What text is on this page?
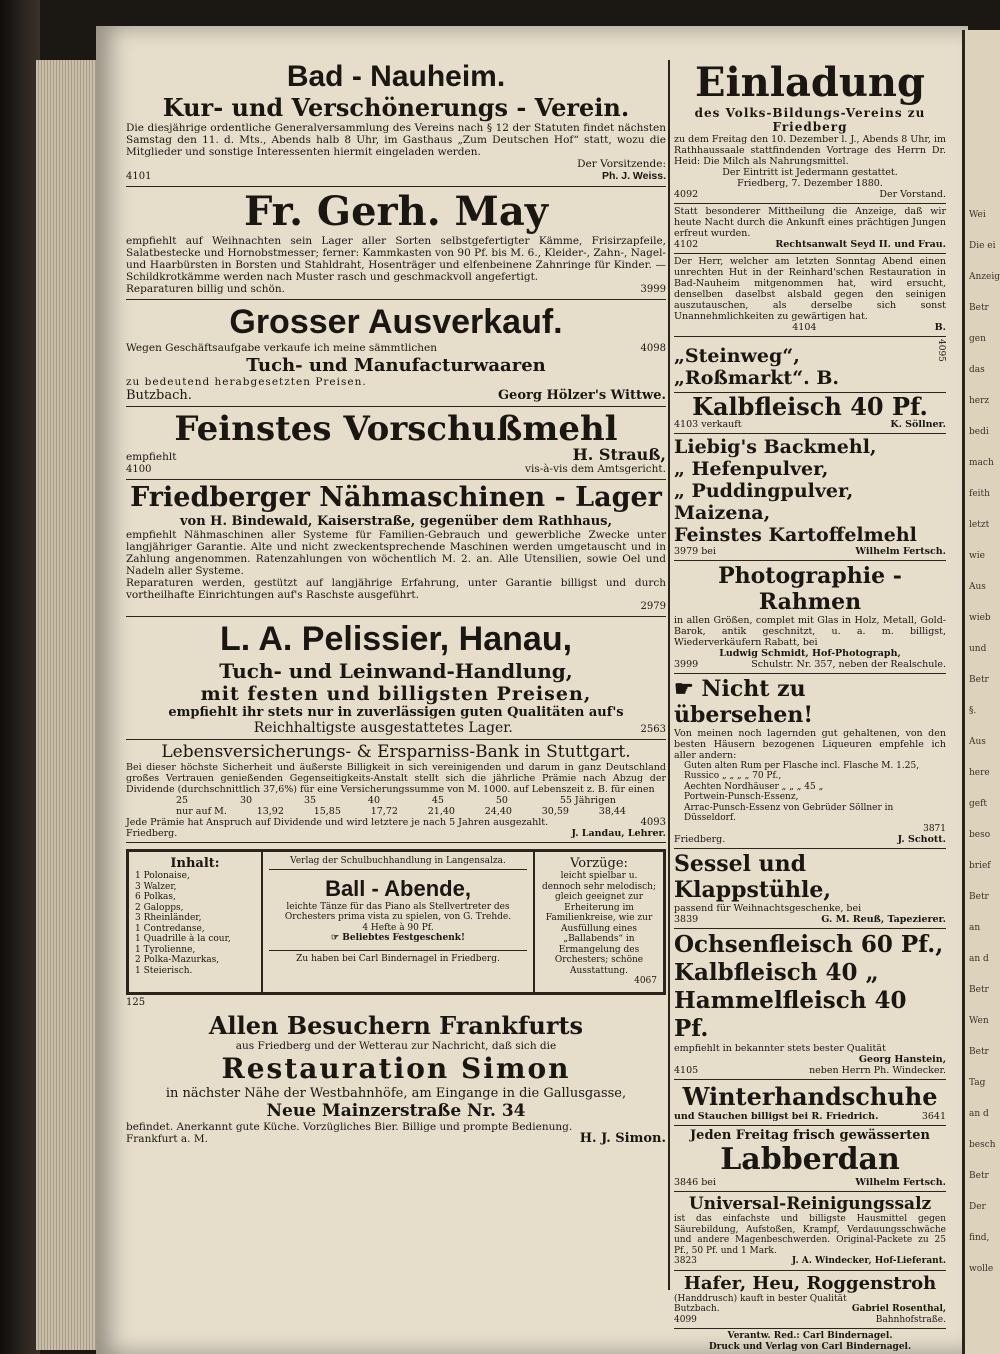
Wei
Die ei
Anzeig
Betr
gen
das
herz
bedi
mach
feith
letzt
wie
Aus
wieb
und
Betr
§.
Aus
here
geft
beso
brief
Betr
an
an d
Betr
Wen
Betr
Tag
an d
besch
Betr
Der
find,
wolle
Bad - Nauheim.
Kur- und Verschönerungs - Verein.
Die diesjährige ordentliche Generalversammlung des Vereins nach § 12 der Statuten findet nächsten Samstag den 11. d. Mts., Abends halb 8 Uhr, im Gasthaus „Zum Deutschen Hof“ statt, wozu die Mitglieder und sonstige Interessenten hiermit eingeladen werden.
Der Vorsitzende:
4101	Ph. J. Weiss.
Fr. Gerh. May
empfiehlt auf Weihnachten sein Lager aller Sorten selbstgefertigter Kämme, Frisirzapfeile, Salatbestecke und Hornobstmesser; ferner: Kammkasten von 90 Pf. bis M. 6., Kleider-, Zahn-, Nagel- und Haarbürsten in Borsten und Stahldraht, Hosenträger und elfenbeinene Zahnringe für Kinder. — Schildkrotkämme werden nach Muster rasch und geschmackvoll angefertigt.
Reparaturen billig und schön.	3999
Grosser Ausverkauf.
Wegen Geschäftsaufgabe verkaufe ich meine sämmtlichen	4098
Tuch- und Manufacturwaaren
zu bedeutend herabgesetzten Preisen.
Butzbach.	Georg Hölzer's Wittwe.
Feinstes Vorschußmehl
empfiehlt	H. Strauß,
4100	vis-à-vis dem Amtsgericht.
Friedberger Nähmaschinen - Lager
von H. Bindewald, Kaiserstraße, gegenüber dem Rathhaus,
empfiehlt Nähmaschinen aller Systeme für Familien-Gebrauch und gewerbliche Zwecke unter langjähriger Garantie. Alte und nicht zweckentsprechende Maschinen werden umgetauscht und in Zahlung angenommen. Ratenzahlungen von wöchentlich M. 2. an. Alle Utensilien, sowie Oel und Nadeln aller Systeme.
Reparaturen werden, gestützt auf langjährige Erfahrung, unter Garantie billigst und durch vortheilhafte Einrichtungen auf's Raschste ausgeführt.
2979
L. A. Pelissier, Hanau,
Tuch- und Leinwand-Handlung,
mit festen und billigsten Preisen,
empfiehlt ihr stets nur in zuverlässigen guten Qualitäten auf's
Reichhaltigste ausgestattetes Lager.	2563
Lebensversicherungs- & Ersparniss-Bank in Stuttgart.
Bei dieser höchste Sicherheit und äußerste Billigkeit in sich vereinigenden und darum in ganz Deutschland großes Vertrauen genießenden Gegenseitigkeits-Anstalt stellt sich die jährliche Prämie nach Abzug der Dividende (durchschnittlich 37,6%) für eine Versicherungssumme von M. 1000. auf Lebenszeit z. B. für einen
25	30	35	40	45	50	55 Jährigen
nur auf M.	13,92	15,85	17,72	21,40	24,40	30,59	38,44
Jede Prämie hat Anspruch auf Dividende und wird letztere je nach 5 Jahren ausgezahlt.	4093
Friedberg.	J. Landau, Lehrer.
Inhalt:
1 Polonaise,
3 Walzer,
6 Polkas,
2 Galopps,
3 Rheinländer,
1 Contredanse,
1 Quadrille à la cour,
1 Tyrolienne,
2 Polka-Mazurkas,
1 Steierisch.
Verlag der Schulbuchhandlung in Langensalza.
Ball - Abende,
leichte Tänze für das Piano als Stellvertreter des Orchesters prima vista zu spielen, von G. Trehde.
4 Hefte à 90 Pf.
☞ Beliebtes Festgeschenk!
Zu haben bei Carl Bindernagel in Friedberg.
Vorzüge:
leicht spielbar u. dennoch sehr melodisch; gleich geeignet zur Erheiterung im Familienkreise, wie zur Ausfüllung eines „Ballabends“ in Ermangelung des Orchesters; schöne Ausstattung.
4067
125
Allen Besuchern Frankfurts
aus Friedberg und der Wetterau zur Nachricht, daß sich die
Restauration Simon
in nächster Nähe der Westbahnhöfe, am Eingange in die Gallusgasse,
Neue Mainzerstraße Nr. 34
befindet. Anerkannt gute Küche. Vorzügliches Bier. Billige und prompte Bedienung.
Frankfurt a. M.	H. J. Simon.
Einladung
des Volks-Bildungs-Vereins zu Friedberg
zu dem Freitag den 10. Dezember l. J., Abends 8 Uhr, im Rathhaussaale stattfindenden Vortrage des Herrn Dr. Heid: Die Milch als Nahrungsmittel.
Der Eintritt ist Jedermann gestattet.
Friedberg, 7. Dezember 1880.
4092	Der Vorstand.
Statt besonderer Mittheilung die Anzeige, daß wir heute Nacht durch die Ankunft eines prächtigen Jungen erfreut wurden.
4102	Rechtsanwalt Seyd II. und Frau.
Der Herr, welcher am letzten Sonntag Abend einen unrechten Hut in der Reinhard'schen Restauration in Bad-Nauheim mitgenommen hat, wird ersucht, denselben daselbst alsbald gegen den seinigen auszutauschen, als derselbe sich sonst Unannehmlichkeiten zu gewärtigen hat.
4104	B.
„Steinweg“, „Roßmarkt“. B.
4095
Kalbfleisch 40 Pf.
4103 verkauft	K. Söllner.
Liebig's Backmehl,
„ Hefenpulver,
„ Puddingpulver,
Maizena,
Feinstes Kartoffelmehl
3979 bei	Wilhelm Fertsch.
Photographie - Rahmen
in allen Größen, complet mit Glas in Holz, Metall, Gold-Barok, antik geschnitzt, u. a. m. billigst, Wiederverkäufern Rabatt, bei
Ludwig Schmidt, Hof-Photograph,
3999	Schulstr. Nr. 357, neben der Realschule.
☛ Nicht zu übersehen!
Von meinen noch lagernden gut gehaltenen, von den besten Häusern bezogenen Liqueuren empfehle ich aller andern:
Guten alten Rum per Flasche incl. Flasche M. 1.25,
Russico „ „ „ „ 70 Pf.,
Aechten Nordhäuser „ „ „ 45 „
Portwein-Punsch-Essenz,
Arrac-Punsch-Essenz von Gebrüder Söllner in Düsseldorf.
3871
Friedberg.	J. Schott.
Sessel und Klappstühle,
passend für Weihnachtsgeschenke, bei
3839	G. M. Reuß, Tapezierer.
Ochsenfleisch 60 Pf.,
Kalbfleisch 40 „
Hammelfleisch 40 Pf.
empfiehlt in bekannter stets bester Qualität
Georg Hanstein,
4105	neben Herrn Ph. Windecker.
Winterhandschuhe
und Stauchen billigst bei R. Friedrich.	3641
Jeden Freitag frisch gewässerten
Labberdan
3846 bei	Wilhelm Fertsch.
Universal-Reinigungssalz
ist das einfachste und billigste Hausmittel gegen Säurebildung, Aufstoßen, Krampf, Verdauungsschwäche und andere Magenbeschwerden. Original-Packete zu 25 Pf., 50 Pf. und 1 Mark.
3823	J. A. Windecker, Hof-Lieferant.
Hafer, Heu, Roggenstroh
(Handdrusch) kauft in bester Qualität
Butzbach.	Gabriel Rosenthal,
4099	Bahnhofstraße.
Verantw. Red.: Carl Bindernagel.
Druck und Verlag von Carl Bindernagel.
